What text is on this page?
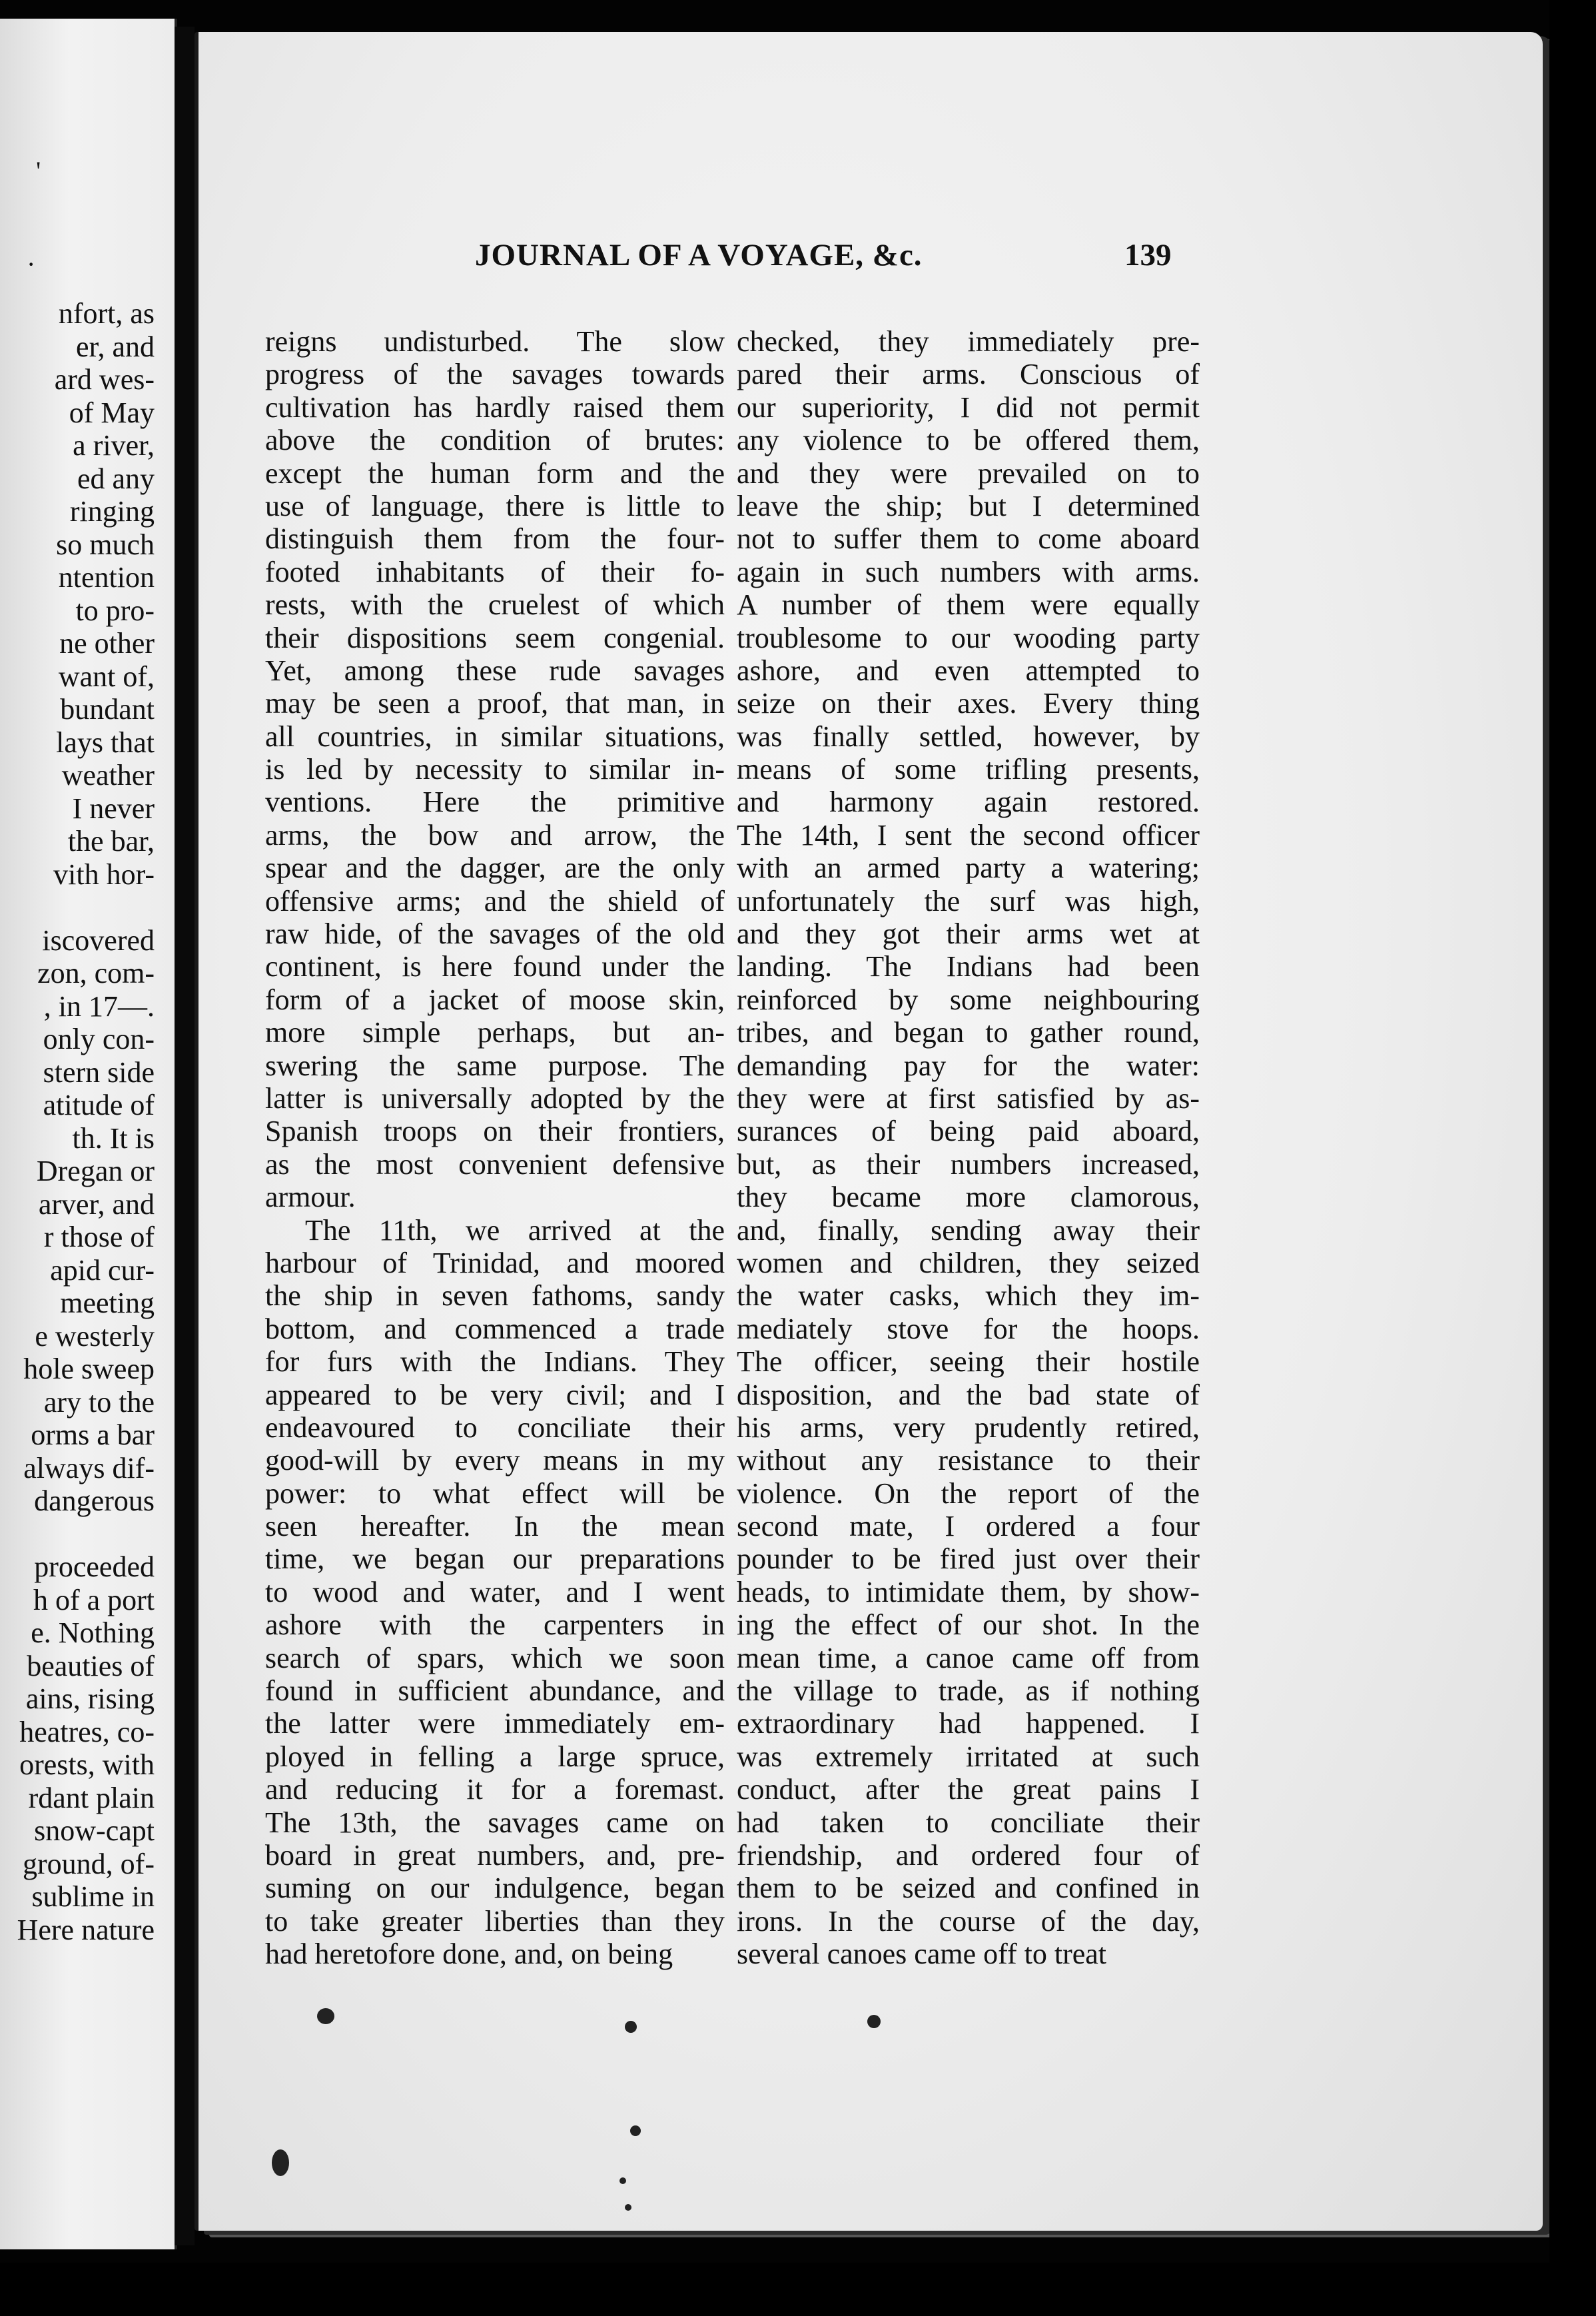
'
·
nfort, as
er, and
ard wes-
of May
a river,
ed any
ringing
so much
ntention
to pro-
ne other
want of,
bundant
lays that
weather
I never
the bar,
vith hor-
iscovered
zon, com-
, in 17—.
only con-
stern side
atitude of
th. It is
Dregan or
arver, and
r those of
apid cur-
meeting
e westerly
hole sweep
ary to the
orms a bar
always dif-
dangerous
proceeded
h of a port
e. Nothing
beauties of
ains, rising
heatres, co-
orests, with
rdant plain
snow-capt
ground, of-
sublime in
Here nature
JOURNAL OF A VOYAGE, &c.	139
reigns undisturbed. The slow
progress of the savages towards
cultivation has hardly raised them
above the condition of brutes:
except the human form and the
use of language, there is little to
distinguish them from the four-
footed inhabitants of their fo-
rests, with the cruelest of which
their dispositions seem congenial.
Yet, among these rude savages
may be seen a proof, that man, in
all countries, in similar situations,
is led by necessity to similar in-
ventions. Here the primitive
arms, the bow and arrow, the
spear and the dagger, are the only
offensive arms; and the shield of
raw hide, of the savages of the old
continent, is here found under the
form of a jacket of moose skin,
more simple perhaps, but an-
swering the same purpose. The
latter is universally adopted by the
Spanish troops on their frontiers,
as the most convenient defensive
armour.
The 11th, we arrived at the
harbour of Trinidad, and moored
the ship in seven fathoms, sandy
bottom, and commenced a trade
for furs with the Indians. They
appeared to be very civil; and I
endeavoured to conciliate their
good-will by every means in my
power: to what effect will be
seen hereafter. In the mean
time, we began our preparations
to wood and water, and I went
ashore with the carpenters in
search of spars, which we soon
found in sufficient abundance, and
the latter were immediately em-
ployed in felling a large spruce,
and reducing it for a foremast.
The 13th, the savages came on
board in great numbers, and, pre-
suming on our indulgence, began
to take greater liberties than they
had heretofore done, and, on being
checked, they immediately pre-
pared their arms. Conscious of
our superiority, I did not permit
any violence to be offered them,
and they were prevailed on to
leave the ship; but I determined
not to suffer them to come aboard
again in such numbers with arms.
A number of them were equally
troublesome to our wooding party
ashore, and even attempted to
seize on their axes. Every thing
was finally settled, however, by
means of some trifling presents,
and harmony again restored.
The 14th, I sent the second officer
with an armed party a watering;
unfortunately the surf was high,
and they got their arms wet at
landing. The Indians had been
reinforced by some neighbouring
tribes, and began to gather round,
demanding pay for the water:
they were at first satisfied by as-
surances of being paid aboard,
but, as their numbers increased,
they became more clamorous,
and, finally, sending away their
women and children, they seized
the water casks, which they im-
mediately stove for the hoops.
The officer, seeing their hostile
disposition, and the bad state of
his arms, very prudently retired,
without any resistance to their
violence. On the report of the
second mate, I ordered a four
pounder to be fired just over their
heads, to intimidate them, by show-
ing the effect of our shot. In the
mean time, a canoe came off from
the village to trade, as if nothing
extraordinary had happened. I
was extremely irritated at such
conduct, after the great pains I
had taken to conciliate their
friendship, and ordered four of
them to be seized and confined in
irons. In the course of the day,
several canoes came off to treat
